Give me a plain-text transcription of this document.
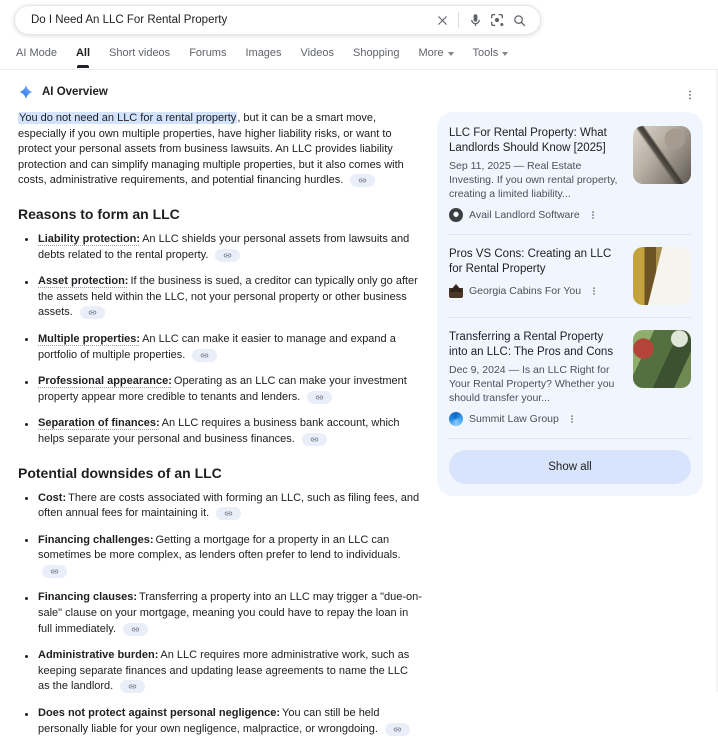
Do I Need An LLC For Rental Property
AI Mode All Short videos Forums Images Videos Shopping More	Tools
AI Overview

You do not need an LLC for a rental property, but it can be a smart move, especially if you own multiple properties, have higher liability risks, or want to protect your personal assets from business lawsuits. An LLC provides liability protection and can simplify managing multiple properties, but it also comes with costs, administrative requirements, and potential financing hurdles.

Reasons to form an LLC
Liability protection: An LLC shields your personal assets from lawsuits and debts related to the rental property.
Asset protection: If the business is sued, a creditor can typically only go after the assets held within the LLC, not your personal property or other business assets.
Multiple properties: An LLC can make it easier to manage and expand a portfolio of multiple properties.
Professional appearance: Operating as an LLC can make your investment property appear more credible to tenants and lenders.
Separation of finances: An LLC requires a business bank account, which helps separate your personal and business finances.
Potential downsides of an LLC
Cost: There are costs associated with forming an LLC, such as filing fees, and often annual fees for maintaining it.
Financing challenges: Getting a mortgage for a property in an LLC can sometimes be more complex, as lenders often prefer to lend to individuals.
Financing clauses: Transferring a property into an LLC may trigger a "due-on-sale" clause on your mortgage, meaning you could have to repay the loan in full immediately.
Administrative burden: An LLC requires more administrative work, such as keeping separate finances and updating lease agreements to name the LLC as the landlord.
Does not protect against personal negligence: You can still be held personally liable for your own negligence, malpractice, or wrongdoing.
LLC For Rental Property: What Landlords Should Know [2025]
Sep 11, 2025 — Real Estate Investing. If you own rental property, creating a limited liability...
Avail Landlord Software
Pros VS Cons: Creating an LLC for Rental Property
Georgia Cabins For You
Transferring a Rental Property into an LLC: The Pros and Cons
Dec 9, 2024 — Is an LLC Right for Your Rental Property? Whether you should transfer your...
Summit Law Group
Show all
